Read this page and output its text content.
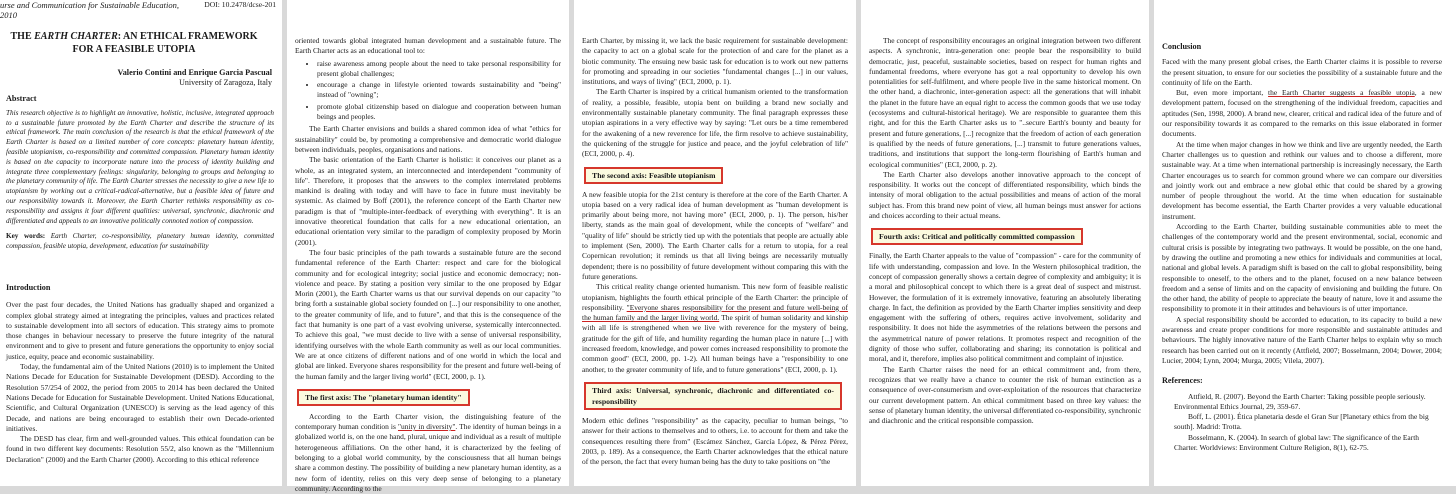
urse and Communication for Sustainable Education,
2010
DOI: 10.2478/dcse-201
THE EARTH CHARTER: AN ETHICAL FRAMEWORK FOR A FEASIBLE UTOPIA
Valerio Contini and Enrique Garcia Pascual
University of Zaragoza, Italy
Abstract
This research objective is to highlight an innovative, holistic, inclusive, integrated approach to a sustainable future promoted by the Earth Charter and describe the structure of its ethical framework. The main conclusion of the research is that the ethical framework of the Earth Charter is based on a limited number of core concepts: planetary human identity, feasible utopianism, co-responsibility and committed compassion. Planetary human identity is based on the capacity to incorporate nature into the process of identity building and integrate three complementary feelings: singularity, belonging to groups and belonging to the planetary community of life. The Earth Charter stresses the necessity to give a new life to utopianism by working out a critical-radical-alternative, but a feasible idea of future and our responsibility towards it. Moreover, the Earth Charter rethinks responsibility as co-responsibility and assigns it four different qualities: universal, synchronic, diachronic and differentiated and appeals to an innovative politically connoted notion of compassion.
Key words: Earth Charter, co-responsibility, planetary human identity, committed compassion, feasible utopia, development, education for sustainability
Introduction

Over the past four decades, the United Nations has gradually shaped and organized a complex global strategy aimed at integrating the principles, values and practices related to sustainable development into all sectors of education. This strategy aims to promote those changes in behaviour necessary to preserve the future integrity of the natural environment and to give to present and future generations the opportunity to enjoy social justice, equity, peace and economic sustainability.

Today, the fundamental aim of the United Nations (2010) is to implement the United Nations Decade for Education for Sustainable Development (DESD). According to the Resolution 57/254 of 2002, the period from 2005 to 2014 has been declared the United Nations Decade for Education for Sustainable Development. United Nations Educational, Scientific, and Cultural Organization (UNESCO) is serving as the lead agency of this Decade, and nations are being encouraged to establish their own Decade-oriented initiatives.

The DESD has clear, firm and well-grounded values. This ethical foundation can be found in two different key documents: Resolution 55/2, also known as the "Millennium Declaration" (2000) and the Earth Charter (2000). According to this ethical reference

oriented towards global integrated human development and a sustainable future. The Earth Charter acts as an educational tool to:

• raise awareness among people about the need to take personal responsibility for present global challenges;
• encourage a change in lifestyle oriented towards sustainability and "being" instead of "owning";
• promote global citizenship based on dialogue and cooperation between human beings and peoples.

The Earth Charter envisions and builds a shared common idea of what "ethics for sustainability" could be, by promoting a comprehensive and democratic world dialogue between individuals, peoples, organisations and nations.

The basic orientation of the Earth Charter is holistic: it conceives our planet as a whole, as an integrated system, an interconnected and interdependent "community of life". Therefore, it proposes that the answers to the complex interrelated problems mankind is dealing with today and will have to face in future must inevitably be systemic. As claimed by Boff (2001), the reference concept of the Earth Charter new paradigm is that of "multiple-inter-feedback of everything with everything". It is an innovative theoretical foundation that calls for a new educational orientation, an educational orientation very similar to the paradigm of complexity proposed by Morin (2001).

The four basic principles of the path towards a sustainable future are the second fundamental reference of the Earth Charter: respect and care for the biological community and for ecological integrity; social justice and economic democracy; non-violence and peace. By stating a position very similar to the one proposed by Edgar Morin (2001), the Earth Charter warns us that our survival depends on our capacity "to bring forth a sustainable global society founded on [...] our responsibility to one another, to the greater community of life, and to future", and that this is the consequence of the fact that humanity is one part of a vast evolving universe, systemically interconnected. To achieve this goal, "we must decide to live with a sense of universal responsibility, identifying ourselves with the whole Earth community as well as our local communities. We are at once citizens of different nations and of one world in which the local and global are linked. Everyone shares responsibility for the present and future well-being of the human family and the larger living world" (ECI, 2000, p. 1).

The first axis: The "planetary human identity"

According to the Earth Charter vision, the distinguishing feature of the contemporary human condition is "unity in diversity". The identity of human beings in a globalized world is, on the one hand, plural, unique and individual as a result of multiple heterogeneous affiliations. On the other hand, it is characterized by the feeling of belonging to a global world community, by the consciousness that all human beings share a common destiny. The possibility of building a new planetary human identity, as a new form of identity, relies on this very deep sense of belonging to a planetary community. According to the

Earth Charter, by missing it, we lack the basic requirement for sustainable development: the capacity to act on a global scale for the protection of and care for the planet as a biotic community. The ensuing new basic task for education is to work out new patterns for promoting and spreading in our societies "fundamental changes [...] in our values, institutions, and ways of living" (ECI, 2000, p. 1).

The Earth Charter is inspired by a critical humanism oriented to the transformation of reality, a possible, feasible, utopia bent on building a brand new socially and environmentally sustainable planetary community. The final paragraph expresses these utopian aspirations in a very effective way by saying: "Let ours be a time remembered for the awakening of a new reverence for life, the firm resolve to achieve sustainability, the quickening of the struggle for justice and peace, and the joyful celebration of life" (ECI, 2000, p. 4).

The second axis: Feasible utopianism

A new feasible utopia for the 21st century is therefore at the core of the Earth Charter. A utopia based on a very radical idea of human development as "human development is primarily about being more, not having more" (ECI, 2000, p. 1). The person, his/her liberty, stands as the main goal of development, while the concepts of "welfare" and "quality of life" should be strictly tied up with the potentials that people are actually able to implement (Sen, 2000). The Earth Charter calls for a return to utopia, for a real Copernican revolution; it reminds us that all living beings are necessarily mutually dependent; there is no possibility of future development without comparing this with the future generations.

This critical reality change oriented humanism. This new form of feasible realistic utopianism, highlights the fourth ethical principle of the Earth Charter: the principle of responsibility. "Everyone shares responsibility for the present and future well-being of the human family and the larger living world. The spirit of human solidarity and kinship with all life is strengthened when we live with reverence for the mystery of being, gratitude for the gift of life, and humility regarding the human place in nature [...] with increased freedom, knowledge, and power comes increased responsibility to promote the common good" (ECI, 2000, pp. 1-2). All human beings have a "responsibility to one another, to the greater community of life, and to future generations" (ECI, 2000, p. 1).

Third axis: Universal, synchronic, diachronic and differentiated co-responsibility

Modern ethic defines "responsibility" as the capacity, peculiar to human beings, "to answer for their actions to themselves and to others, i.e. to account for them and take the consequences resulting there from" (Escámez Sánchez, García López, & Pérez Pérez, 2003, p. 189). As a consequence, the Earth Charter acknowledges that the ethical nature of the person, the fact that every human being has the duty to take positions on "the

The concept of responsibility encourages an original integration between two different aspects. A synchronic, intra-generation one: people bear the responsibility to build democratic, just, peaceful, sustainable societies, based on respect for human rights and fundamental freedoms, where everyone has got a real opportunity to develop his own potentialities for self-fulfilment, and where people live in the same historical moment. On the other hand, a diachronic, inter-generation aspect: all the generations that will inhabit the planet in the future have an equal right to access the common goods that we use today (ecosystems and cultural-historical heritage). We are responsible to guarantee them this right, and for this the Earth Charter asks us to "..secure Earth's bounty and beauty for present and future generations, [...] recognize that the freedom of action of each generation is qualified by the needs of future generations, [...] transmit to future generations values, traditions, and institutions that support the long-term flourishing of Earth's human and ecological communities" (ECI, 2000, p. 2).

The Earth Charter also develops another innovative approach to the concept of responsibility. It works out the concept of differentiated responsibility, which binds the intensity of moral obligation to the actual possibilities and means of action of the moral subject has. From this brand new point of view, all human beings must answer for actions and choices according to their actual means.

Fourth axis: Critical and politically committed compassion

Finally, the Earth Charter appeals to the value of "compassion" - care for the community of life with understanding, compassion and love. In the Western philosophical tradition, the concept of compassion generally shows a certain degree of complexity and ambiguity; it is a moral and philosophical concept to which there is a great deal of suspect and mistrust. However, the formulation of it is extremely innovative, featuring an absolutely liberating charge. In fact, the definition as provided by the Earth Charter implies sensitivity and deep engagement with the suffering of others, requires active involvement, solidarity and responsibility. It does not hide the asymmetries of the relations between the persons and the asymmetrical nature of power relations. It promotes respect and recognition of the dignity of those who suffer, collaborating and sharing; its connotation is political and moral, and it, therefore, implies also political commitment and complaint of injustice.

The Earth Charter raises the need for an ethical commitment and, from there, recognizes that we really have a chance to counter the risk of human extinction as a consequence of over-consumerism and over-exploitation of the resources that characterize our current development pattern. An ethical commitment based on three key values: the sense of planetary human identity, the universal differentiated co-responsibility, synchronic and diachronic and the critical responsible compassion.

Conclusion

Faced with the many present global crises, the Earth Charter claims it is possible to reverse the present situation, to ensure for our societies the possibility of a sustainable future and the continuity of life on the Earth.

But, even more important, the Earth Charter suggests a feasible utopia, a new development pattern, focused on the strengthening of the individual freedom, capacities and aptitudes (Sen, 1998, 2000). A brand new, clearer, critical and radical idea of the future and of our responsibility towards it as compared to the remarks on this issue elaborated in former documents.

At the time when major changes in how we think and live are urgently needed, the Earth Charter challenges us to question and rethink our values and to choose a different, more sustainable way. At a time when international partnership is increasingly necessary, the Earth Charter encourages us to search for common ground where we can compare our diversities and jointly work out and embrace a new global ethic that could be shared by a growing number of people throughout the world. At the time when education for sustainable development has become essential, the Earth Charter provides a very valuable educational instrument.

According to the Earth Charter, building sustainable communities able to meet the challenges of the contemporary world and the present environmental, social, economic and cultural crisis is possible by integrating two pathways. It would be possible, on the one hand, by drawing the outline and promoting a new ethics for individuals and communities at local, national and global levels. A paradigm shift is based on the call to global responsibility, being responsible to oneself, to the others and to the planet, focused on a new balance between freedom and a sense of limits and on the capacity of envisioning and building the future. On the other hand, the ability of people to appreciate the beauty of nature, love it and assume the responsibility to promote it in their attitudes and behaviours is of utter importance.

A special responsibility should be accorded to education, to its capacity to build a new awareness and create proper conditions for more responsible and sustainable attitudes and behaviours. The highly innovative nature of the Earth Charter helps to explain why so much research has been carried out on it recently (Attfield, 2007; Bosselmann, 2004; Dower, 2004; Lucier, 2004; Lynn, 2004; Murga, 2005; Vilela, 2007).

References:

Attfield, R. (2007). Beyond the Earth Charter: Taking possible people seriously. Environmental Ethics Journal, 29, 359-67.

Boff, L. (2001). Ética planetaria desde el Gran Sur [Planetary ethics from the big south]. Madrid: Trotta.

Bosselmann, K. (2004). In search of global law: The significance of the Earth Charter. Worldviews: Environment Culture Religion, 8(1), 62-75.
